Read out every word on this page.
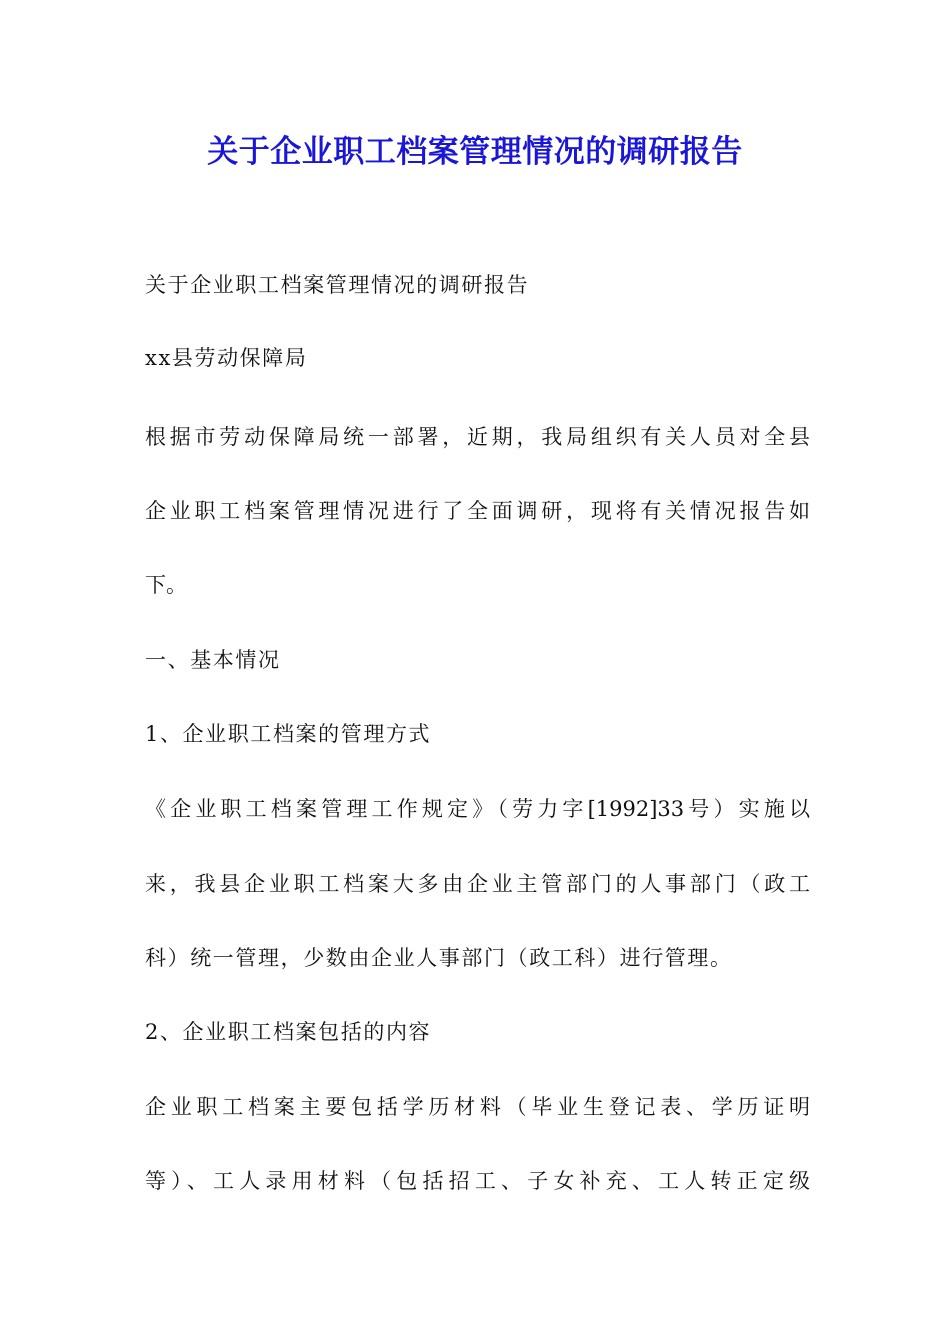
关于企业职工档案管理情况的调研报告

关于企业职工档案管理情况的调研报告

xx县劳动保障局

根据市劳动保障局统一部署，近期，我局组织有关人员对全县

企业职工档案管理情况进行了全面调研，现将有关情况报告如

下。

一、基本情况

1、企业职工档案的管理方式

《企业职工档案管理工作规定》（劳力字[1992]33号）实施以

来，我县企业职工档案大多由企业主管部门的人事部门（政工

科）统一管理，少数由企业人事部门（政工科）进行管理。

2、企业职工档案包括的内容

企业职工档案主要包括学历材料（毕业生登记表、学历证明

等）、工人录用材料（包括招工、子女补充、工人转正定级
